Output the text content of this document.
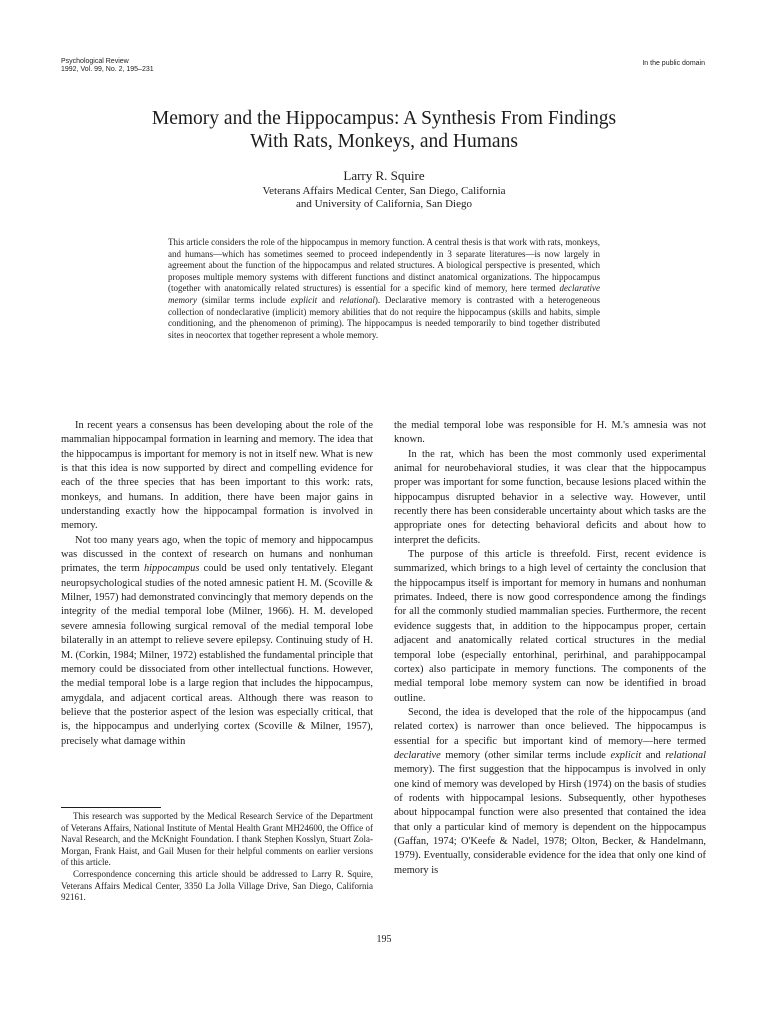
Psychological Review
1992, Vol. 99, No. 2, 195–231
In the public domain
Memory and the Hippocampus: A Synthesis From Findings
With Rats, Monkeys, and Humans
Larry R. Squire
Veterans Affairs Medical Center, San Diego, California
and University of California, San Diego
This article considers the role of the hippocampus in memory function. A central thesis is that work with rats, monkeys, and humans—which has sometimes seemed to proceed independently in 3 separate literatures—is now largely in agreement about the function of the hippocampus and related structures. A biological perspective is presented, which proposes multiple memory systems with different functions and distinct anatomical organizations. The hippocampus (together with anatomically related structures) is essential for a specific kind of memory, here termed declarative memory (similar terms include explicit and relational). Declarative memory is contrasted with a heterogeneous collection of nondeclarative (implicit) memory abilities that do not require the hippocampus (skills and habits, simple conditioning, and the phenomenon of priming). The hippocampus is needed temporarily to bind together distributed sites in neocortex that together represent a whole memory.

In recent years a consensus has been developing about the role of the mammalian hippocampal formation in learning and memory. The idea that the hippocampus is important for memory is not in itself new. What is new is that this idea is now supported by direct and compelling evidence for each of the three species that has been important to this work: rats, monkeys, and humans. In addition, there have been major gains in understanding exactly how the hippocampal formation is involved in memory.

Not too many years ago, when the topic of memory and hippocampus was discussed in the context of research on humans and nonhuman primates, the term hippocampus could be used only tentatively. Elegant neuropsychological studies of the noted amnesic patient H. M. (Scoville & Milner, 1957) had demonstrated convincingly that memory depends on the integrity of the medial temporal lobe (Milner, 1966). H. M. developed severe amnesia following surgical removal of the medial temporal lobe bilaterally in an attempt to relieve severe epilepsy. Continuing study of H. M. (Corkin, 1984; Milner, 1972) established the fundamental principle that memory could be dissociated from other intellectual functions. However, the medial temporal lobe is a large region that includes the hippocampus, amygdala, and adjacent cortical areas. Although there was reason to believe that the posterior aspect of the lesion was especially critical, that is, the hippocampus and underlying cortex (Scoville & Milner, 1957), precisely what damage within

This research was supported by the Medical Research Service of the Department of Veterans Affairs, National Institute of Mental Health Grant MH24600, the Office of Naval Research, and the McKnight Foundation. I thank Stephen Kosslyn, Stuart Zola-Morgan, Frank Haist, and Gail Musen for their helpful comments on earlier versions of this article.

Correspondence concerning this article should be addressed to Larry R. Squire, Veterans Affairs Medical Center, 3350 La Jolla Village Drive, San Diego, California 92161.

the medial temporal lobe was responsible for H. M.'s amnesia was not known.

In the rat, which has been the most commonly used experimental animal for neurobehavioral studies, it was clear that the hippocampus proper was important for some function, because lesions placed within the hippocampus disrupted behavior in a selective way. However, until recently there has been considerable uncertainty about which tasks are the appropriate ones for detecting behavioral deficits and about how to interpret the deficits.

The purpose of this article is threefold. First, recent evidence is summarized, which brings to a high level of certainty the conclusion that the hippocampus itself is important for memory in humans and nonhuman primates. Indeed, there is now good correspondence among the findings for all the commonly studied mammalian species. Furthermore, the recent evidence suggests that, in addition to the hippocampus proper, certain adjacent and anatomically related cortical structures in the medial temporal lobe (especially entorhinal, perirhinal, and parahippocampal cortex) also participate in memory functions. The components of the medial temporal lobe memory system can now be identified in broad outline.

Second, the idea is developed that the role of the hippocampus (and related cortex) is narrower than once believed. The hippocampus is essential for a specific but important kind of memory—here termed declarative memory (other similar terms include explicit and relational memory). The first suggestion that the hippocampus is involved in only one kind of memory was developed by Hirsh (1974) on the basis of studies of rodents with hippocampal lesions. Subsequently, other hypotheses about hippocampal function were also presented that contained the idea that only a particular kind of memory is dependent on the hippocampus (Gaffan, 1974; O'Keefe & Nadel, 1978; Olton, Becker, & Handelmann, 1979). Eventually, considerable evidence for the idea that only one kind of memory is

195
